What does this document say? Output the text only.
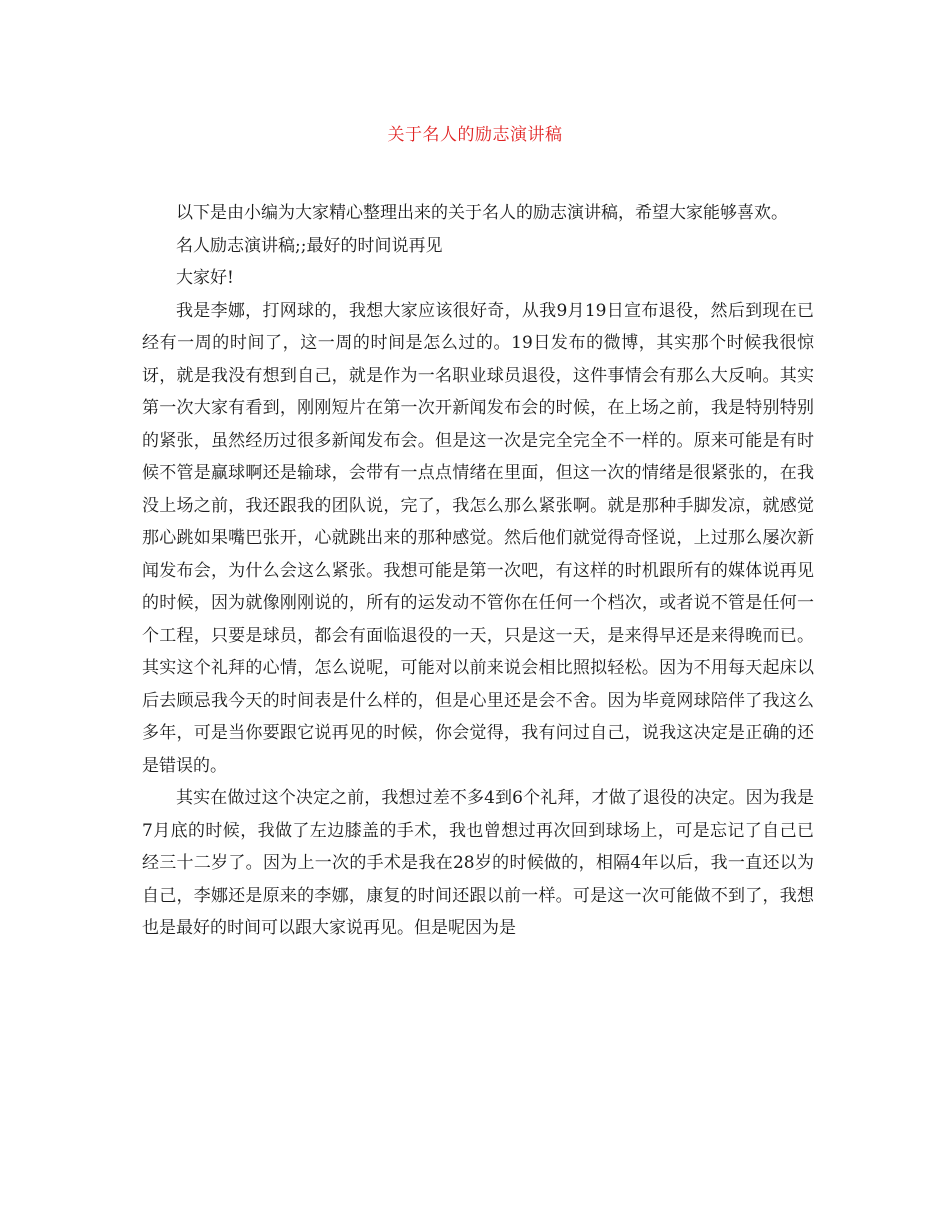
关于名人的励志演讲稿

以下是由小编为大家精心整理出来的关于名人的励志演讲稿，希望大家能够喜欢。

名人励志演讲稿;;最好的时间说再见

大家好!

我是李娜，打网球的，我想大家应该很好奇，从我9月19日宣布退役，然后到现在已经有一周的时间了，这一周的时间是怎么过的。19日发布的微博，其实那个时候我很惊讶，就是我没有想到自己，就是作为一名职业球员退役，这件事情会有那么大反响。其实第一次大家有看到，刚刚短片在第一次开新闻发布会的时候，在上场之前，我是特别特别的紧张，虽然经历过很多新闻发布会。但是这一次是完全完全不一样的。原来可能是有时候不管是赢球啊还是输球，会带有一点点情绪在里面，但这一次的情绪是很紧张的，在我没上场之前，我还跟我的团队说，完了，我怎么那么紧张啊。就是那种手脚发凉，就感觉那心跳如果嘴巴张开，心就跳出来的那种感觉。然后他们就觉得奇怪说，上过那么屡次新闻发布会，为什么会这么紧张。我想可能是第一次吧，有这样的时机跟所有的媒体说再见的时候，因为就像刚刚说的，所有的运发动不管你在任何一个档次，或者说不管是任何一个工程，只要是球员，都会有面临退役的一天，只是这一天，是来得早还是来得晚而已。其实这个礼拜的心情，怎么说呢，可能对以前来说会相比照拟轻松。因为不用每天起床以后去顾忌我今天的时间表是什么样的，但是心里还是会不舍。因为毕竟网球陪伴了我这么多年，可是当你要跟它说再见的时候，你会觉得，我有问过自己，说我这决定是正确的还是错误的。

其实在做过这个决定之前，我想过差不多4到6个礼拜，才做了退役的决定。因为我是7月底的时候，我做了左边膝盖的手术，我也曾想过再次回到球场上，可是忘记了自己已经三十二岁了。因为上一次的手术是我在28岁的时候做的，相隔4年以后，我一直还以为自己，李娜还是原来的李娜，康复的时间还跟以前一样。可是这一次可能做不到了，我想也是最好的时间可以跟大家说再见。但是呢因为是
